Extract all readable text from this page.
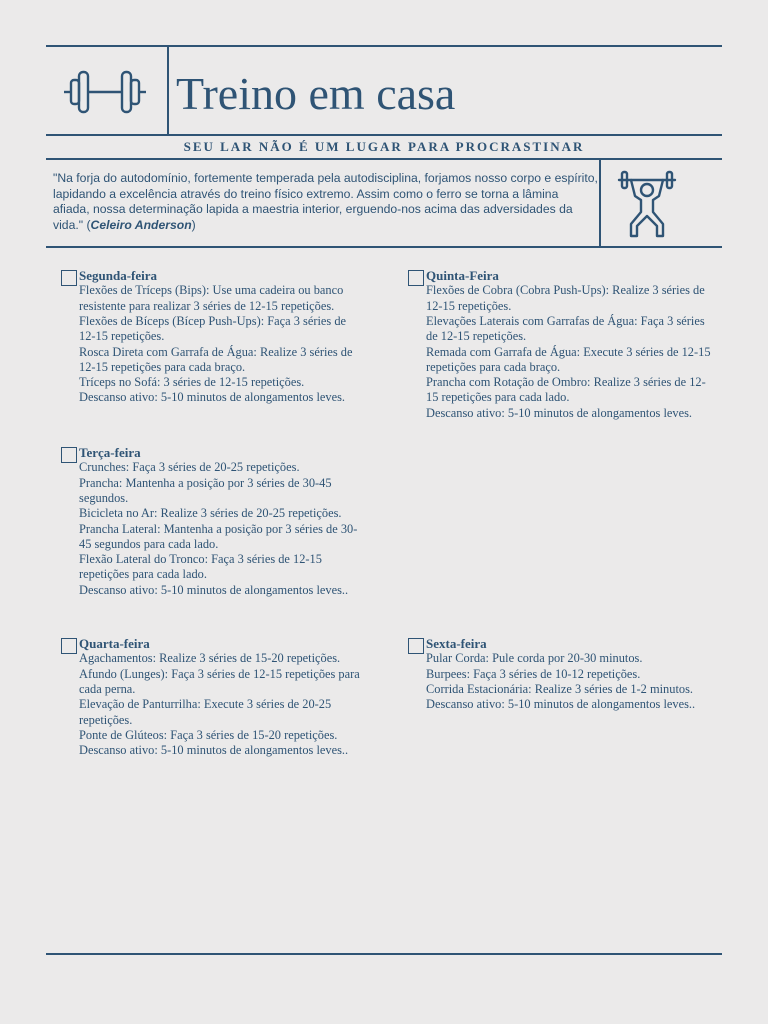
Treino em casa
SEU LAR NÃO É UM LUGAR PARA PROCRASTINAR

"Na forja do autodomínio, fortemente temperada pela autodisciplina, forjamos nosso corpo e espírito, lapidando a excelência através do treino físico extremo. Assim como o ferro se torna a lâmina afiada, nossa determinação lapida a maestria interior, erguendo-nos acima das adversidades da vida." (Celeiro Anderson)

Segunda-feira
Flexões de Tríceps (Bips): Use uma cadeira ou banco resistente para realizar 3 séries de 12-15 repetições.
Flexões de Bíceps (Bícep Push-Ups): Faça 3 séries de 12-15 repetições.
Rosca Direta com Garrafa de Água: Realize 3 séries de 12-15 repetições para cada braço.
Tríceps no Sofá: 3 séries de 12-15 repetições.
Descanso ativo: 5-10 minutos de alongamentos leves.
Terça-feira
Crunches: Faça 3 séries de 20-25 repetições.
Prancha: Mantenha a posição por 3 séries de 30-45 segundos.
Bicicleta no Ar: Realize 3 séries de 20-25 repetições.
Prancha Lateral: Mantenha a posição por 3 séries de 30-45 segundos para cada lado.
Flexão Lateral do Tronco: Faça 3 séries de 12-15 repetições para cada lado.
Descanso ativo: 5-10 minutos de alongamentos leves..
Quarta-feira
Agachamentos: Realize 3 séries de 15-20 repetições.
Afundo (Lunges): Faça 3 séries de 12-15 repetições para cada perna.
Elevação de Panturrilha: Execute 3 séries de 20-25 repetições.
Ponte de Glúteos: Faça 3 séries de 15-20 repetições.
Descanso ativo: 5-10 minutos de alongamentos leves..
Quinta-Feira
Flexões de Cobra (Cobra Push-Ups): Realize 3 séries de 12-15 repetições.
Elevações Laterais com Garrafas de Água: Faça 3 séries de 12-15 repetições.
Remada com Garrafa de Água: Execute 3 séries de 12-15 repetições para cada braço.
Prancha com Rotação de Ombro: Realize 3 séries de 12-15 repetições para cada lado.
Descanso ativo: 5-10 minutos de alongamentos leves.
Sexta-feira
Pular Corda: Pule corda por 20-30 minutos.
Burpees: Faça 3 séries de 10-12 repetições.
Corrida Estacionária: Realize 3 séries de 1-2 minutos.
Descanso ativo: 5-10 minutos de alongamentos leves..
